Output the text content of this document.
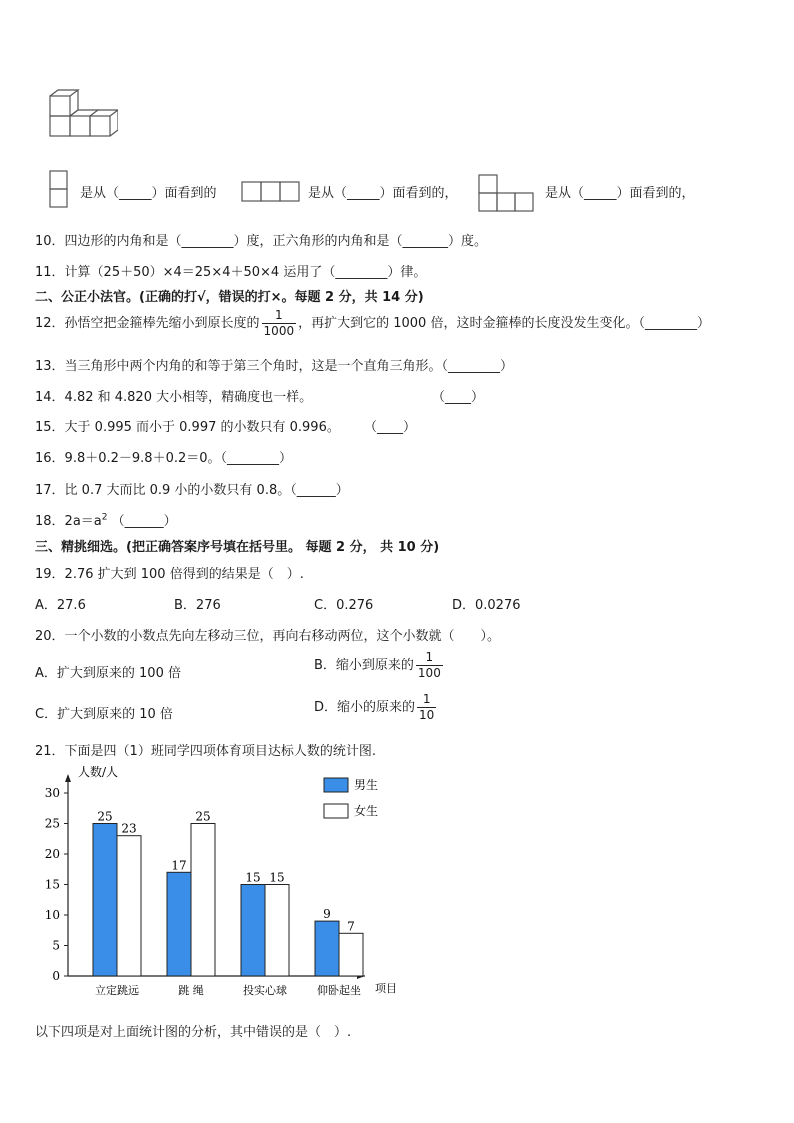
是从（_____）面看到的	是从（_____）面看到的，	是从（_____）面看到的，
10．四边形的内角和是（________）度，正六角形的内角和是（_______）度。
11．计算（25＋50）×4＝25×4＋50×4 运用了（________）律。
二、公正小法官。(正确的打√，错误的打×。每题 2 分，共 14 分)
12．孙悟空把金箍棒先缩小到原长度的 $\frac{1}{1000}$ ，再扩大到它的 1000 倍，这时金箍棒的长度没发生变化。（________）
13．当三角形中两个内角的和等于第三个角时，这是一个直角三角形。（________）
14．4.82 和 4.820 大小相等，精确度也一样。	（____）
15．大于 0.995 而小于 0.997 的小数只有 0.996。 （____）
16．9.8＋0.2－9.8＋0.2＝0。（________）
17．比 0.7 大而比 0.9 小的小数只有 0.8。（______）
18．$2a=a^2$ （______）
三、精挑细选。(把正确答案序号填在括号里。 每题 2 分， 共 10 分)
19．2.76 扩大到 100 倍得到的结果是（　）.
A．27.6	B．276	C．0.276	D．0.0276
20．一个小数的小数点先向左移动三位，再向右移动两位，这个小数就（　　）。
A．扩大到原来的 100 倍
B．缩小到原来的 $\frac{1}{100}$
C．扩大到原来的 10 倍	D．缩小的原来的 $\frac{1}{10}$
21．下面是四（1）班同学四项体育项目达标人数的统计图.
0
5
10
15
20
25
30
人数/人
项目
25
23
立定跳远
17
25
跳 绳
15 15
投实心球
9
7
仰卧起坐
男生
女生
以下四项是对上面统计图的分析，其中错误的是（　）.
